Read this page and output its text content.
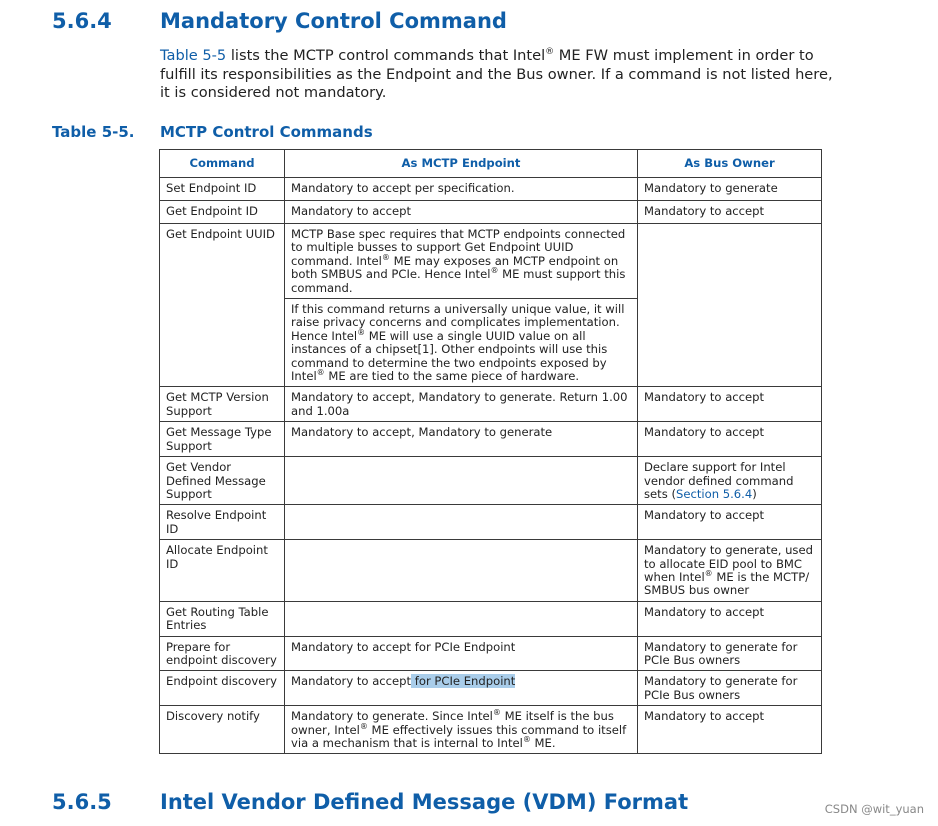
5.6.4 Mandatory Control Command
Table 5-5 lists the MCTP control commands that Intel® ME FW must implement in order to fulfill its responsibilities as the Endpoint and the Bus owner. If a command is not listed here, it is considered not mandatory.
Table 5-5. MCTP Control Commands
Command	As MCTP Endpoint	As Bus Owner
Set Endpoint ID	Mandatory to accept per specification.	Mandatory to generate
Get Endpoint ID	Mandatory to accept	Mandatory to accept
Get Endpoint UUID	MCTP Base spec requires that MCTP endpoints connected to multiple busses to support Get Endpoint UUID command. Intel® ME may exposes an MCTP endpoint on both SMBUS and PCIe. Hence Intel® ME must support this command.	
	If this command returns a universally unique value, it will raise privacy concerns and complicates implementation. Hence Intel® ME will use a single UUID value on all instances of a chipset[1]. Other endpoints will use this command to determine the two endpoints exposed by Intel® ME are tied to the same piece of hardware.	
Get MCTP Version Support	Mandatory to accept, Mandatory to generate. Return 1.00 and 1.00a	Mandatory to accept
Get Message Type Support	Mandatory to accept, Mandatory to generate	Mandatory to accept
Get Vendor Defined Message Support		Declare support for Intel vendor defined command sets (Section 5.6.4)
Resolve Endpoint ID		Mandatory to accept
Allocate Endpoint ID		Mandatory to generate, used to allocate EID pool to BMC when Intel® ME is the MCTP/ SMBUS bus owner
Get Routing Table Entries		Mandatory to accept
Prepare for endpoint discovery	Mandatory to accept for PCIe Endpoint	Mandatory to generate for PCIe Bus owners
Endpoint discovery	Mandatory to accept for PCIe Endpoint	Mandatory to generate for PCIe Bus owners
Discovery notify	Mandatory to generate. Since Intel® ME itself is the bus owner, Intel® ME effectively issues this command to itself via a mechanism that is internal to Intel® ME.	Mandatory to accept
5.6.5 Intel Vendor Defined Message (VDM) Format	CSDN @wit_yuan
